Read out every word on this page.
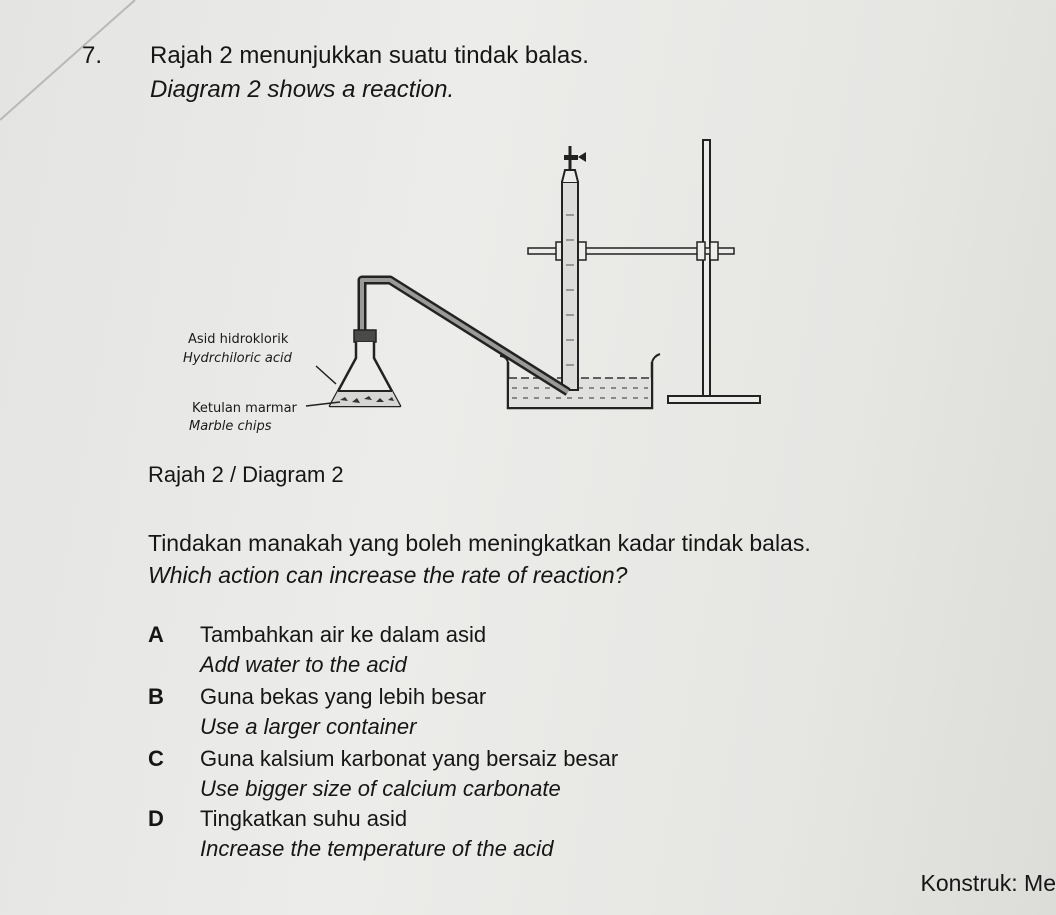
7. Rajah 2 menunjukkan suatu tindak balas.
Diagram 2 shows a reaction.
Asid hidroklorik
Hydrchiloric acid
Ketulan marmar
Marble chips
Rajah 2 / Diagram 2
Tindakan manakah yang boleh meningkatkan kadar tindak balas.
Which action can increase the rate of reaction?
A Tambahkan air ke dalam asid
Add water to the acid
B Guna bekas yang lebih besar
Use a larger container
C Guna kalsium karbonat yang bersaiz besar
Use bigger size of calcium carbonate
D Tingkatkan suhu asid
Increase the temperature of the acid
Konstruk: Me
